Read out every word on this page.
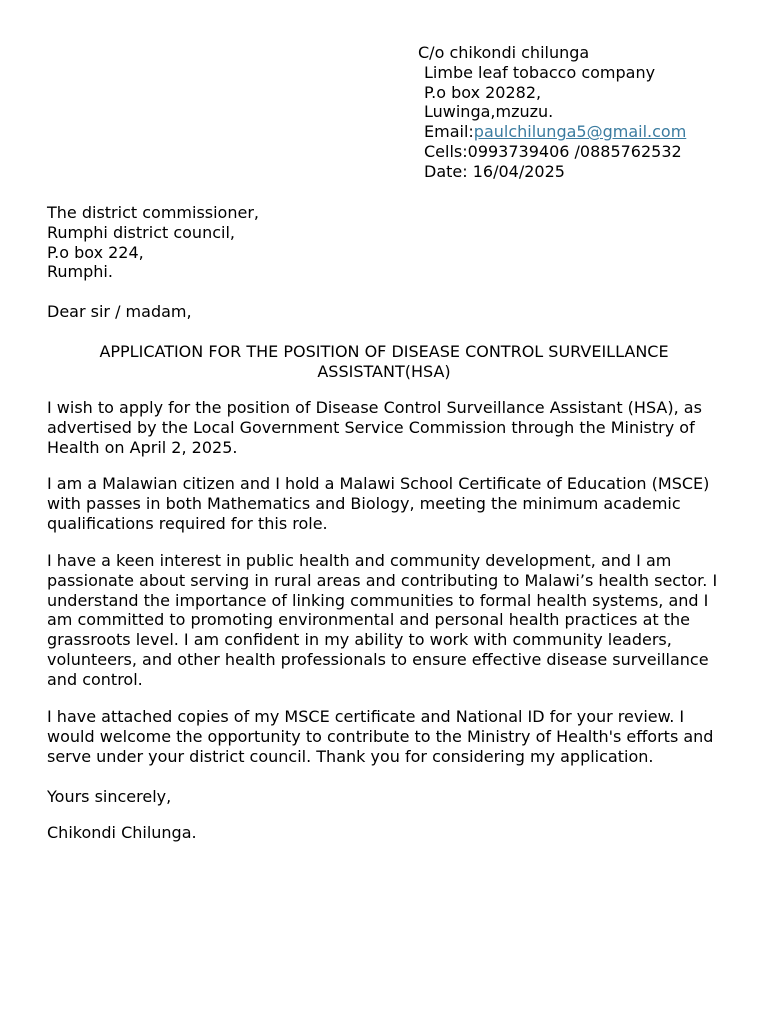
C/o chikondi chilunga

Limbe leaf tobacco company

P.o box 20282,

Luwinga,mzuzu.

Email:paulchilunga5@gmail.com

Cells:0993739406 /0885762532

Date: 16/04/2025

The district commissioner,

Rumphi district council,

P.o box 224,

Rumphi.

Dear sir / madam,

APPLICATION FOR THE POSITION OF DISEASE CONTROL SURVEILLANCE ASSISTANT(HSA)

I wish to apply for the position of Disease Control Surveillance Assistant (HSA), as advertised by the Local Government Service Commission through the Ministry of Health on April 2, 2025.

I am a Malawian citizen and I hold a Malawi School Certificate of Education (MSCE) with passes in both Mathematics and Biology, meeting the minimum academic qualifications required for this role.

I have a keen interest in public health and community development, and I am passionate about serving in rural areas and contributing to Malawi’s health sector. I understand the importance of linking communities to formal health systems, and I am committed to promoting environmental and personal health practices at the grassroots level. I am confident in my ability to work with community leaders, volunteers, and other health professionals to ensure effective disease surveillance and control.

I have attached copies of my MSCE certificate and National ID for your review. I would welcome the opportunity to contribute to the Ministry of Health's efforts and serve under your district council. Thank you for considering my application.

Yours sincerely,

Chikondi Chilunga.
